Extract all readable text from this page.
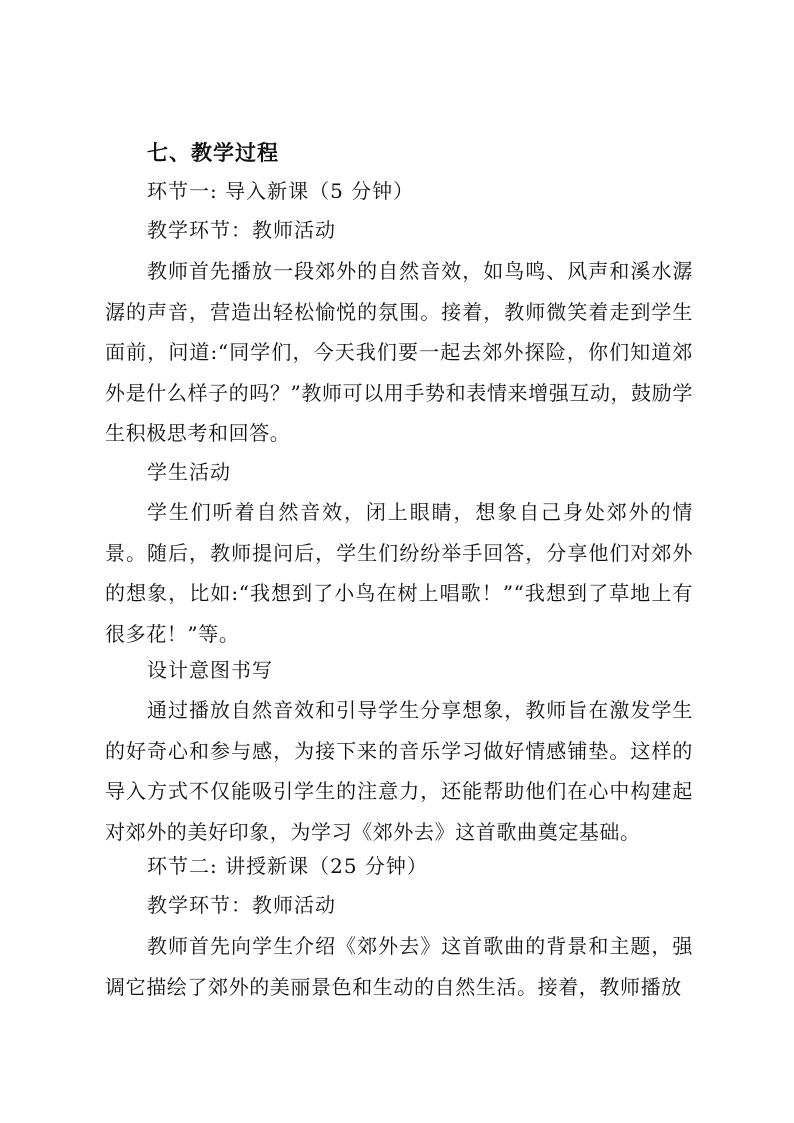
七、教学过程
环节一: 导入新课（5 分钟）
教学环节：教师活动
教师首先播放一段郊外的自然音效，如鸟鸣、风声和溪水潺潺的声音，营造出轻松愉悦的氛围。接着，教师微笑着走到学生面前，问道:“同学们，今天我们要一起去郊外探险，你们知道郊外是什么样子的吗？”教师可以用手势和表情来增强互动，鼓励学生积极思考和回答。
学生活动
学生们听着自然音效，闭上眼睛，想象自己身处郊外的情景。随后，教师提问后，学生们纷纷举手回答，分享他们对郊外的想象，比如:“我想到了小鸟在树上唱歌！”“我想到了草地上有很多花！”等。
设计意图书写
通过播放自然音效和引导学生分享想象，教师旨在激发学生的好奇心和参与感，为接下来的音乐学习做好情感铺垫。这样的导入方式不仅能吸引学生的注意力，还能帮助他们在心中构建起对郊外的美好印象，为学习《郊外去》这首歌曲奠定基础。
环节二: 讲授新课（25 分钟）
教学环节：教师活动
教师首先向学生介绍《郊外去》这首歌曲的背景和主题，强调它描绘了郊外的美丽景色和生动的自然生活。接着，教师播放
